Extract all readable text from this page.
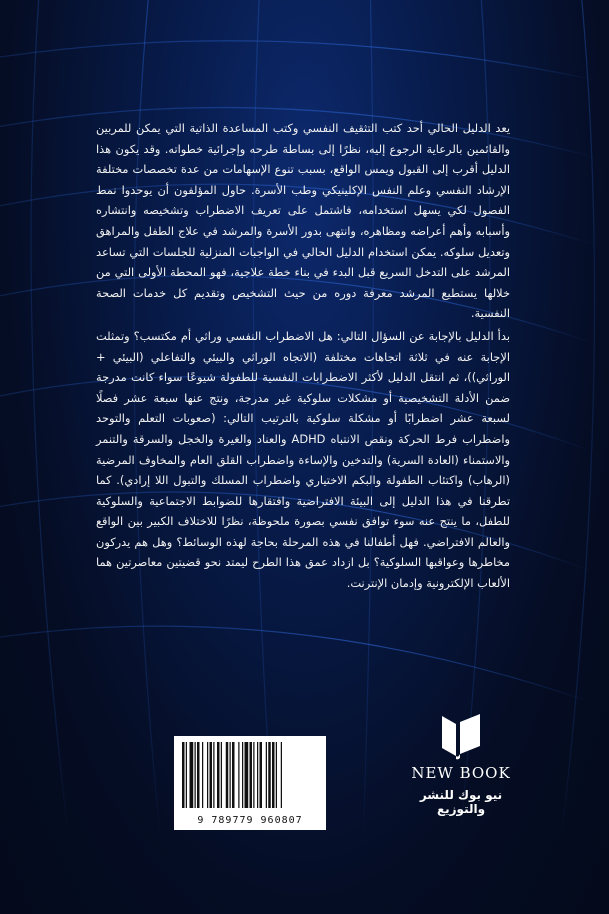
يعد الدليل الحالي أحد كتب التثقيف النفسي وكتب المساعدة الذاتية التي يمكن للمربين والقائمين بالرعاية الرجوع إليه، نظرًا إلى بساطة طرحه وإجرائية خطواته. وقد يكون هذا الدليل أقرب إلى القبول ويمس الواقع، بسبب تنوع الإسهامات من عدة تخصصات مختلفة الإرشاد النفسي وعلم النفس الإكلينيكي وطب الأسرة. حاول المؤلفون أن يوحدوا نمط الفصول لكي يسهل استخدامه، فاشتمل على تعريف الاضطراب وتشخيصه وانتشاره وأسبابه وأهم أعراضه ومظاهره، وانتهى بدور الأسرة والمرشد في علاج الطفل والمراهق وتعديل سلوكه. يمكن استخدام الدليل الحالي في الواجبات المنزلية للجلسات التي تساعد المرشد على التدخل السريع قبل البدء في بناء خطة علاجية، فهو المحطة الأولى التي من خلالها يستطيع المرشد معرفة دوره من حيث التشخيص وتقديم كل خدمات الصحة النفسية.

بدأ الدليل بالإجابة عن السؤال التالي: هل الاضطراب النفسي وراثي أم مكتسب؟ وتمثلت الإجابة عنه في ثلاثة اتجاهات مختلفة (الاتجاه الوراثي والبيئي والتفاعلي (البيئي + الوراثي))، ثم انتقل الدليل لأكثر الاضطرابات النفسية للطفولة شيوعًا سواء كانت مدرجة ضمن الأدلة التشخيصية أو مشكلات سلوكية غير مدرجة، ونتج عنها سبعة عشر فصلًا لسبعة عشر اضطرابًا أو مشكلة سلوكية بالترتيب التالي: (صعوبات التعلم والتوحد واضطراب فرط الحركة ونقص الانتباه ADHD والعناد والغيرة والخجل والسرقة والتنمر والاستمناء (العادة السرية) والتدخين والإساءة واضطراب القلق العام والمخاوف المرضية (الرهاب) واكتئاب الطفولة والبكم الاختياري واضطراب المسلك والتبول اللا إرادي). كما تطرقنا في هذا الدليل إلى البيئة الافتراضية وافتقارها للضوابط الاجتماعية والسلوكية للطفل، ما ينتج عنه سوء توافق نفسي بصورة ملحوظة، نظرًا للاختلاف الكبير بين الواقع والعالم الافتراضي. فهل أطفالنا في هذه المرحلة بحاجة لهذه الوسائط؟ وهل هم يدركون مخاطرها وعواقبها السلوكية؟ بل ازداد عمق هذا الطرح ليمتد نحو قضيتين معاصرتين هما الألعاب الإلكترونية وإدمان الإنترنت.

9 789779 960807
NEW BOOK
نيو بوك للنشر والتوزيع
